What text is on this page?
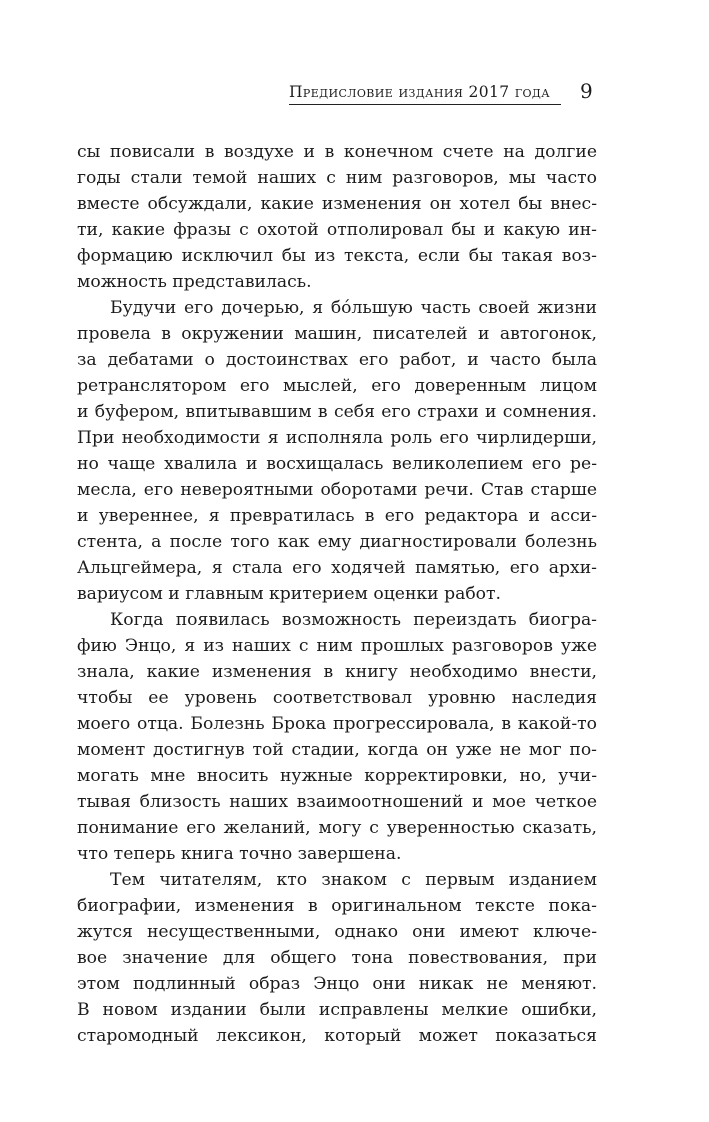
Предисловие издания 2017 года	9
сы повисали в воздухе и в конечном счете на долгие
годы стали темой наших с ним разговоров, мы часто
вместе обсуждали, какие изменения он хотел бы внес-
ти, какие фразы с охотой отполировал бы и какую ин-
формацию исключил бы из текста, если бы такая воз-
можность представилась.
Будучи его дочерью, я бóльшую часть своей жизни
провела в окружении машин, писателей и автогонок,
за дебатами о достоинствах его работ, и часто была
ретранслятором его мыслей, его доверенным лицом
и буфером, впитывавшим в себя его страхи и сомнения.
При необходимости я исполняла роль его чирлидерши,
но чаще хвалила и восхищалась великолепием его ре-
месла, его невероятными оборотами речи. Став старше
и увереннее, я превратилась в его редактора и асси-
стента, а после того как ему диагностировали болезнь
Альцгеймера, я стала его ходячей памятью, его архи-
вариусом и главным критерием оценки работ.
Когда появилась возможность переиздать биогра-
фию Энцо, я из наших с ним прошлых разговоров уже
знала, какие изменения в книгу необходимо внести,
чтобы ее уровень соответствовал уровню наследия
моего отца. Болезнь Брока прогрессировала, в какой-то
момент достигнув той стадии, когда он уже не мог по-
могать мне вносить нужные корректировки, но, учи-
тывая близость наших взаимоотношений и мое четкое
понимание его желаний, могу с уверенностью сказать,
что теперь книга точно завершена.
Тем читателям, кто знаком с первым изданием
биографии, изменения в оригинальном тексте пока-
жутся несущественными, однако они имеют ключе-
вое значение для общего тона повествования, при
этом подлинный образ Энцо они никак не меняют.
В новом издании были исправлены мелкие ошибки,
старомодный лексикон, который может показаться
